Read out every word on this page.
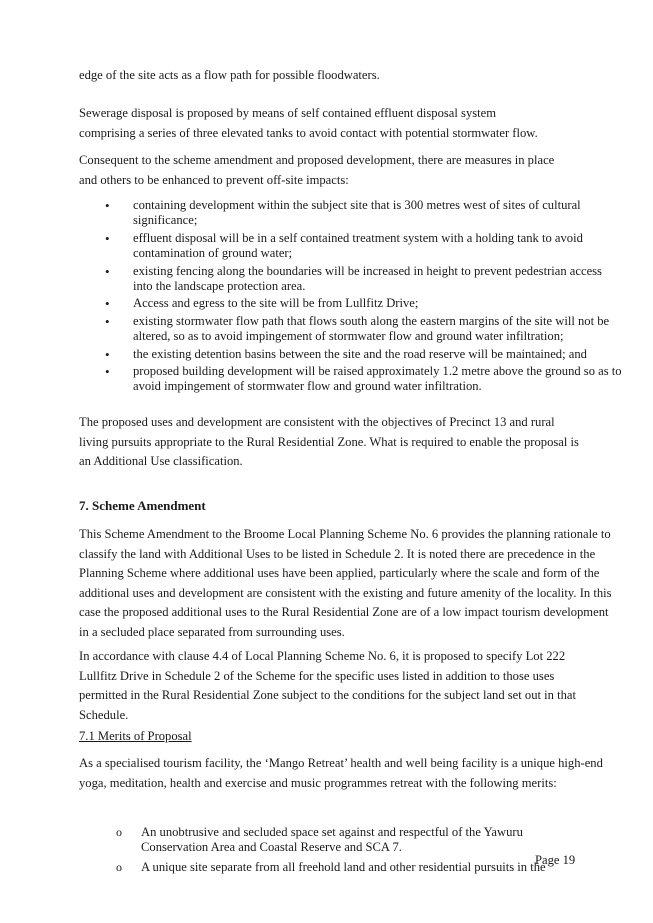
edge of the site acts as a flow path for possible floodwaters.

Sewerage disposal is proposed by means of self contained effluent disposal system comprising a series of three elevated tanks to avoid contact with potential stormwater flow.

Consequent to the scheme amendment and proposed development, there are measures in place and others to be enhanced to prevent off-site impacts:

• containing development within the subject site that is 300 metres west of sites of cultural significance;
• effluent disposal will be in a self contained treatment system with a holding tank to avoid contamination of ground water;
• existing fencing along the boundaries will be increased in height to prevent pedestrian access into the landscape protection area.
• Access and egress to the site will be from Lullfitz Drive;
• existing stormwater flow path that flows south along the eastern margins of the site will not be altered, so as to avoid impingement of stormwater flow and ground water infiltration;
• the existing detention basins between the site and the road reserve will be maintained; and
• proposed building development will be raised approximately 1.2 metre above the ground so as to avoid impingement of stormwater flow and ground water infiltration.

The proposed uses and development are consistent with the objectives of Precinct 13 and rural living pursuits appropriate to the Rural Residential Zone. What is required to enable the proposal is an Additional Use classification.

7. Scheme Amendment

This Scheme Amendment to the Broome Local Planning Scheme No. 6 provides the planning rationale to classify the land with Additional Uses to be listed in Schedule 2. It is noted there are precedence in the Planning Scheme where additional uses have been applied, particularly where the scale and form of the additional uses and development are consistent with the existing and future amenity of the locality. In this case the proposed additional uses to the Rural Residential Zone are of a low impact tourism development in a secluded place separated from surrounding uses.

In accordance with clause 4.4 of Local Planning Scheme No. 6, it is proposed to specify Lot 222 Lullfitz Drive in Schedule 2 of the Scheme for the specific uses listed in addition to those uses permitted in the Rural Residential Zone subject to the conditions for the subject land set out in that Schedule.

7.1 Merits of Proposal

As a specialised tourism facility, the ‘Mango Retreat’ health and well being facility is a unique high-end yoga, meditation, health and exercise and music programmes retreat with the following merits:

o An unobtrusive and secluded space set against and respectful of the Yawuru Conservation Area and Coastal Reserve and SCA 7.
o A unique site separate from all freehold land and other residential pursuits in the

Page 19
